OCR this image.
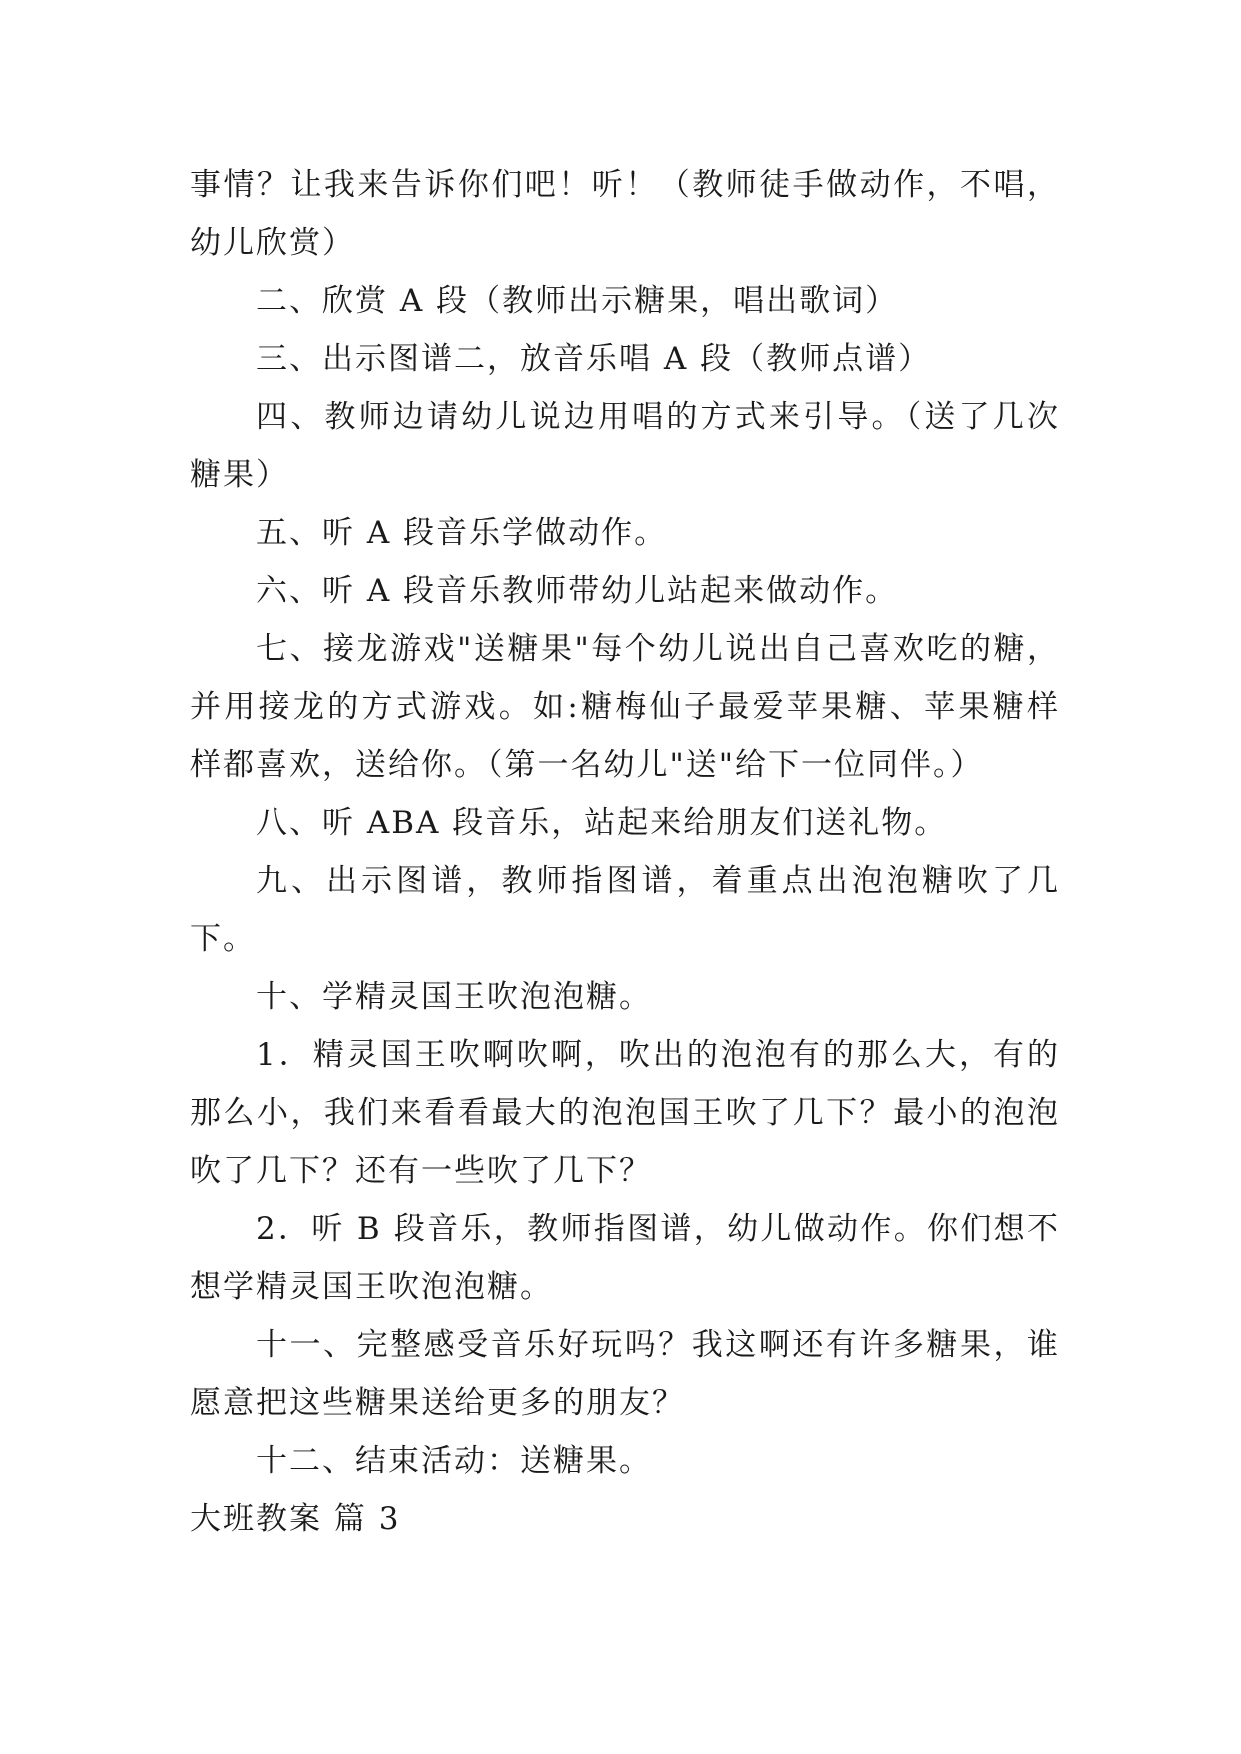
事情？让我来告诉你们吧！听！（教师徒手做动作，不唱，幼儿欣赏）

二、欣赏 A 段（教师出示糖果，唱出歌词）

三、出示图谱二，放音乐唱 A 段（教师点谱）

四、教师边请幼儿说边用唱的方式来引导。（送了几次糖果）

五、听 A 段音乐学做动作。

六、听 A 段音乐教师带幼儿站起来做动作。

七、接龙游戏"送糖果"每个幼儿说出自己喜欢吃的糖，并用接龙的方式游戏。如:糖梅仙子最爱苹果糖、苹果糖样样都喜欢，送给你。（第一名幼儿"送"给下一位同伴。）

八、听 ABA 段音乐，站起来给朋友们送礼物。

九、出示图谱，教师指图谱，着重点出泡泡糖吹了几下。

十、学精灵国王吹泡泡糖。

1．精灵国王吹啊吹啊，吹出的泡泡有的那么大，有的那么小，我们来看看最大的泡泡国王吹了几下？最小的泡泡吹了几下？还有一些吹了几下？

2．听 B 段音乐，教师指图谱，幼儿做动作。你们想不想学精灵国王吹泡泡糖。

十一、完整感受音乐好玩吗？我这啊还有许多糖果，谁愿意把这些糖果送给更多的朋友？

十二、结束活动：送糖果。

大班教案 篇 3
